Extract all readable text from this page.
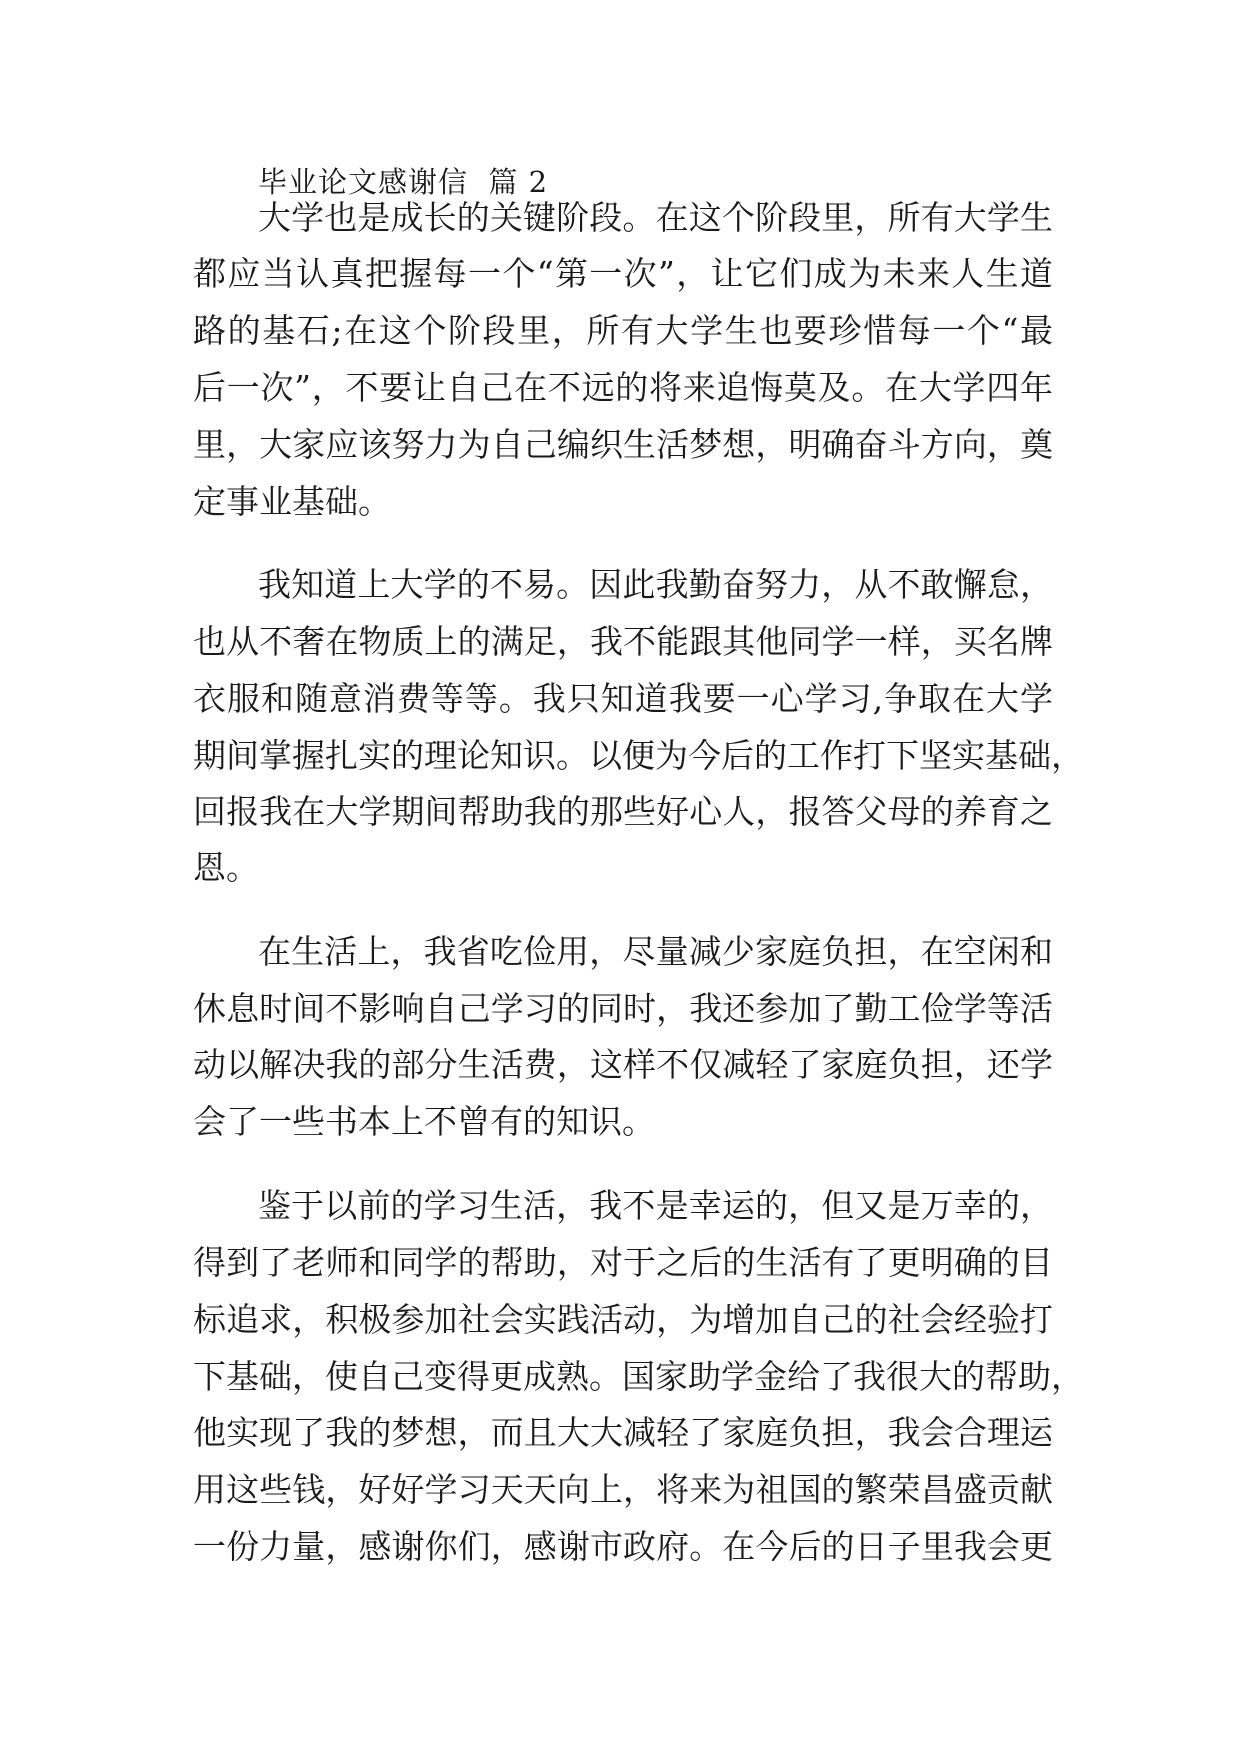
毕业论文感谢信  篇 2
大学也是成长的关键阶段。在这个阶段里，所有大学生
都应当认真把握每一个“第一次”，让它们成为未来人生道
路的基石;在这个阶段里，所有大学生也要珍惜每一个“最
后一次”，不要让自己在不远的将来追悔莫及。在大学四年
里，大家应该努力为自己编织生活梦想，明确奋斗方向，奠
定事业基础。
我知道上大学的不易。因此我勤奋努力，从不敢懈怠，
也从不奢在物质上的满足，我不能跟其他同学一样，买名牌
衣服和随意消费等等。我只知道我要一心学习,争取在大学
期间掌握扎实的理论知识。以便为今后的工作打下坚实基础，
回报我在大学期间帮助我的那些好心人，报答父母的养育之
恩。
在生活上，我省吃俭用，尽量减少家庭负担，在空闲和
休息时间不影响自己学习的同时，我还参加了勤工俭学等活
动以解决我的部分生活费，这样不仅减轻了家庭负担，还学
会了一些书本上不曾有的知识。
鉴于以前的学习生活，我不是幸运的，但又是万幸的，
得到了老师和同学的帮助，对于之后的生活有了更明确的目
标追求，积极参加社会实践活动，为增加自己的社会经验打
下基础，使自己变得更成熟。国家助学金给了我很大的帮助，
他实现了我的梦想，而且大大减轻了家庭负担，我会合理运
用这些钱，好好学习天天向上，将来为祖国的繁荣昌盛贡献
一份力量，感谢你们，感谢市政府。在今后的日子里我会更
